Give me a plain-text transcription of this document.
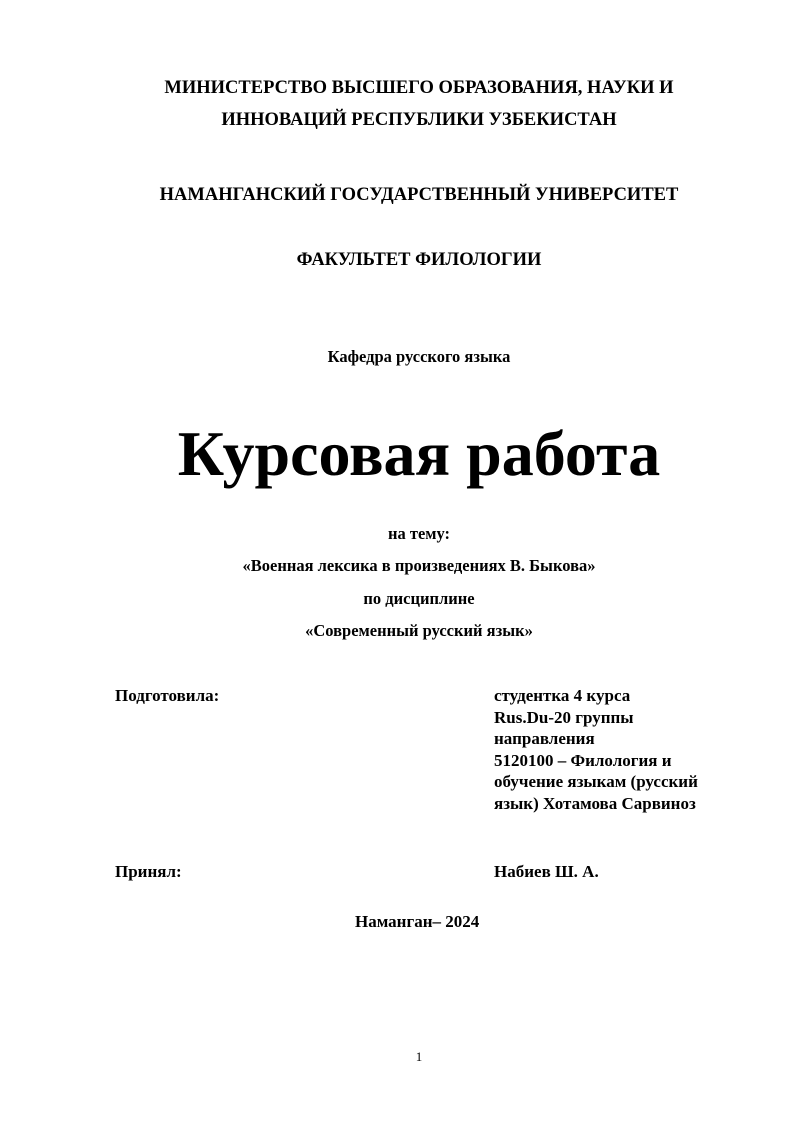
МИНИСТЕРСТВО ВЫСШЕГО ОБРАЗОВАНИЯ, НАУКИ И
ИННОВАЦИЙ РЕСПУБЛИКИ УЗБЕКИСТАН
НАМАНГАНСКИЙ ГОСУДАРСТВЕННЫЙ УНИВЕРСИТЕТ
ФАКУЛЬТЕТ ФИЛОЛОГИИ
Кафедра русского языка
Курсовая работа
на тему:
«Военная лексика в произведениях В. Быкова»
по дисциплине
«Современный русский язык»
Подготовила:	студентка 4 курса
Rus.Du-20 группы
направления
5120100 – Филология и
обучение языкам (русский
язык) Хотамова Сарвиноз
Принял:	Набиев Ш. А.
Наманган– 2024
1
